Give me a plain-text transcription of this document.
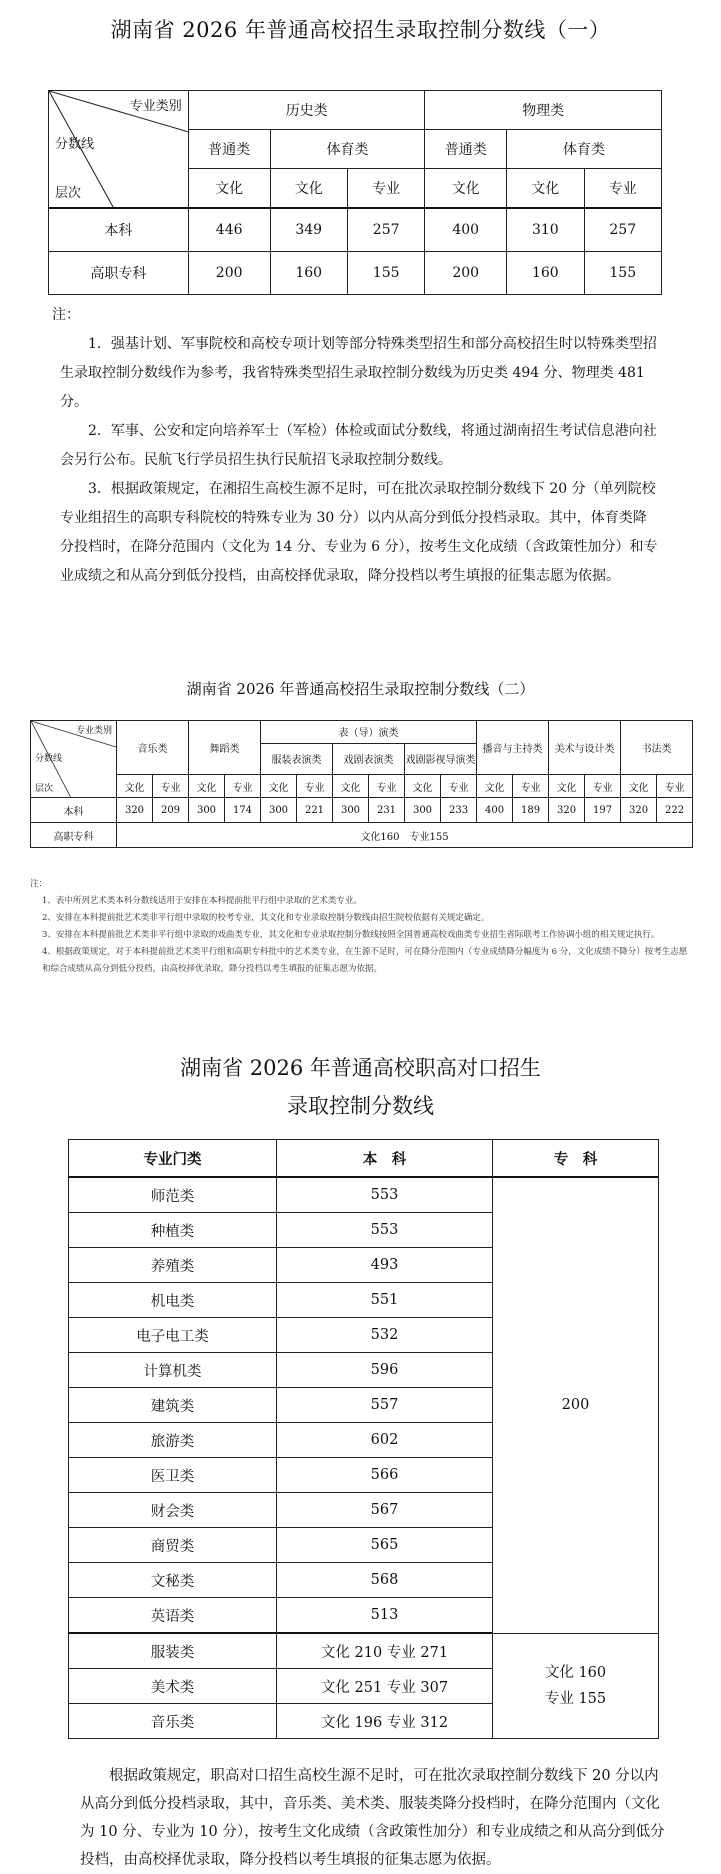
湖南省 2026 年普通高校招生录取控制分数线（一）
专业类别
分数线
层次	历史类			物理类		
	普通类	体育类		普通类	体育类	
	文化	文化	专业	文化	文化	专业
本科	446	349	257	400	310	257
高职专科	200	160	155	200	160	155

注：

1．强基计划、军事院校和高校专项计划等部分特殊类型招生和部分高校招生时以特殊类型招生录取控制分数线作为参考，我省特殊类型招生录取控制分数线为历史类 494 分、物理类 481 分。

2．军事、公安和定向培养军士（军检）体检或面试分数线，将通过湖南招生考试信息港向社会另行公布。民航飞行学员招生执行民航招飞录取控制分数线。

3．根据政策规定，在湘招生高校生源不足时，可在批次录取控制分数线下 20 分（单列院校专业组招生的高职专科院校的特殊专业为 30 分）以内从高分到低分投档录取。其中，体育类降分投档时，在降分范围内（文化为 14 分、专业为 6 分），按考生文化成绩（含政策性加分）和专业成绩之和从高分到低分投档，由高校择优录取，降分投档以考生填报的征集志愿为依据。

湖南省 2026 年普通高校招生录取控制分数线（二）
专业类别
分数线
层次	音乐类		舞蹈类		表（导）演类						播音与主持类		美术与设计类		书法类	
					服装表演类		戏剧表演类		戏剧影视导演类							
	文化	专业	文化	专业	文化	专业	文化	专业	文化	专业	文化	专业	文化	专业	文化	专业
本科	320	209	300	174	300	221	300	231	300	233	400	189	320	197	320	222
高职专科	文化160　专业155															

注：

1、表中所列艺术类本科分数线适用于安排在本科提前批平行组中录取的艺术类专业。

2、安排在本科提前批艺术类非平行组中录取的校考专业，其文化和专业录取控制分数线由招生院校依据有关规定确定。

3、安排在本科提前批艺术类非平行组中录取的戏曲类专业，其文化和专业录取控制分数线按照全国普通高校戏曲类专业招生省际联考工作协调小组的相关规定执行。

4、根据政策规定，对于本科提前批艺术类平行组和高职专科批中的艺术类专业，在生源不足时，可在降分范围内（专业成绩降分幅度为 6 分，文化成绩不降分）按考生志愿和综合成绩从高分到低分投档，由高校择优录取，降分投档以考生填报的征集志愿为依据。

湖南省 2026 年普通高校职高对口招生
录取控制分数线
专业门类	本　科	专　科
师范类	553	200
种植类	553	
养殖类	493	
机电类	551	
电子电工类	532	
计算机类	596	
建筑类	557	
旅游类	602	
医卫类	566	
财会类	567	
商贸类	565	
文秘类	568	
英语类	513	
服装类	文化 210 专业 271	文化 160
专业 155

美术类	文化 251 专业 307	
音乐类	文化 196 专业 312	

根据政策规定，职高对口招生高校生源不足时，可在批次录取控制分数线下 20 分以内从高分到低分投档录取，其中，音乐类、美术类、服装类降分投档时，在降分范围内（文化为 10 分、专业为 10 分），按考生文化成绩（含政策性加分）和专业成绩之和从高分到低分投档，由高校择优录取，降分投档以考生填报的征集志愿为依据。
